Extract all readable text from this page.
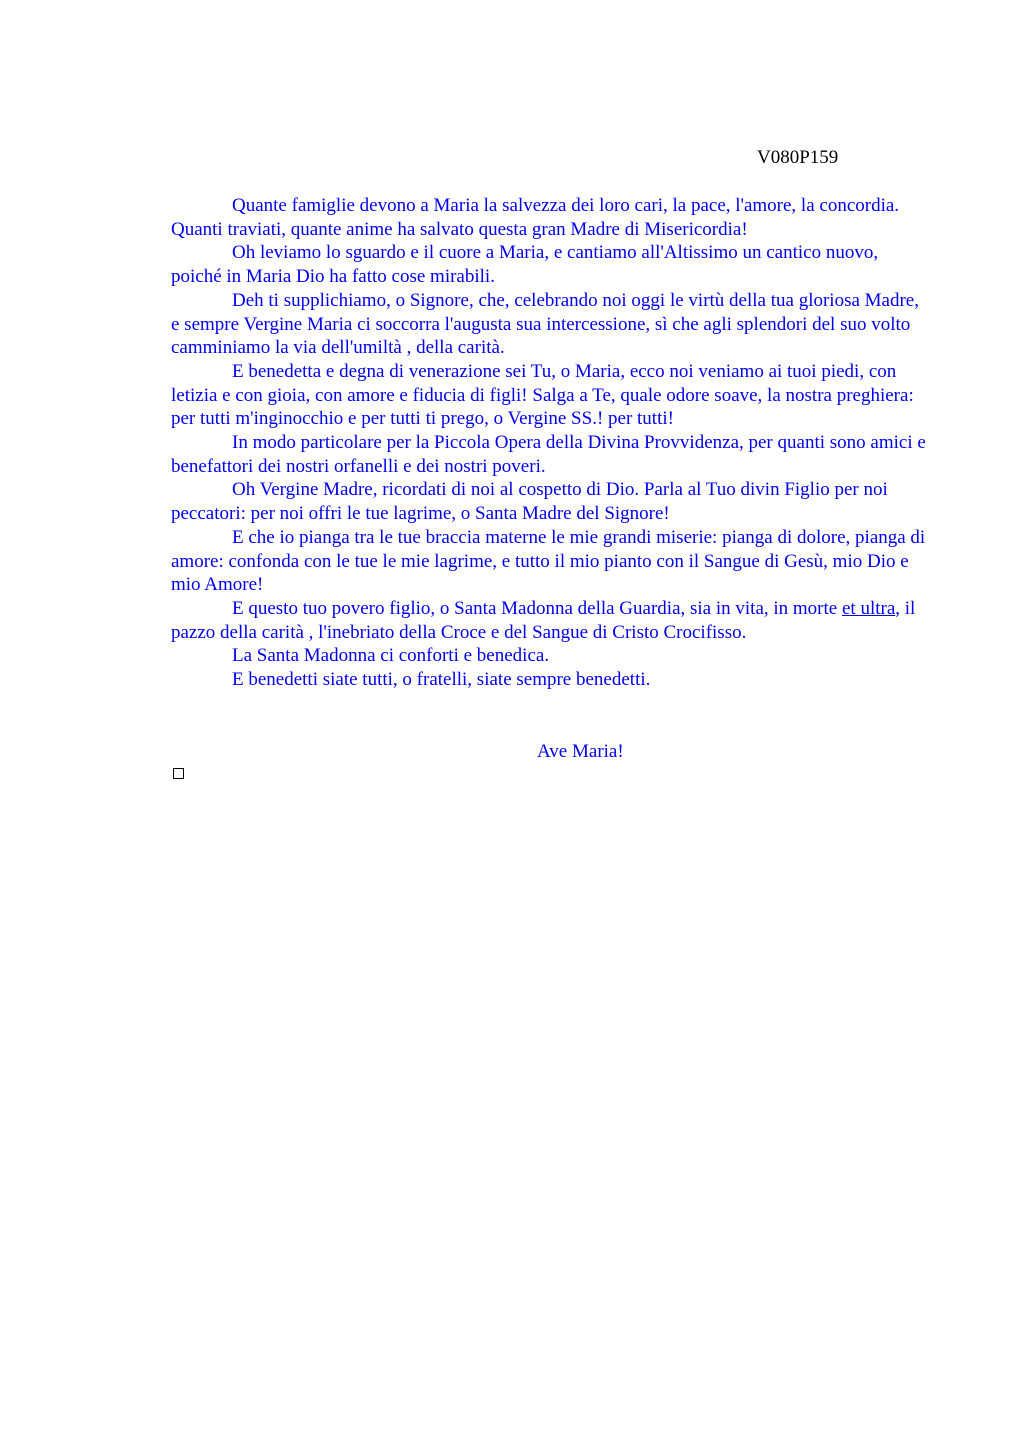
V080P159

Quante famiglie devono a Maria la salvezza dei loro cari, la pace, l'amore, la concordia. Quanti traviati, quante anime ha salvato questa gran Madre di Misericordia!

Oh leviamo lo sguardo e il cuore a Maria, e cantiamo all'Altissimo un cantico nuovo, poiché in Maria Dio ha fatto cose mirabili.

Deh ti supplichiamo, o Signore, che, celebrando noi oggi le virtù della tua gloriosa Madre, e sempre Vergine Maria ci soccorra l'augusta sua intercessione, sì che agli splendori del suo volto camminiamo la via dell'umiltà , della carità.

E benedetta e degna di venerazione sei Tu, o Maria, ecco noi veniamo ai tuoi piedi, con letizia e con gioia, con amore e fiducia di figli! Salga a Te, quale odore soave, la nostra preghiera: per tutti m'inginocchio e per tutti ti prego, o Vergine SS.! per tutti!

In modo particolare per la Piccola Opera della Divina Provvidenza, per quanti sono amici e benefattori dei nostri orfanelli e dei nostri poveri.

Oh Vergine Madre, ricordati di noi al cospetto di Dio. Parla al Tuo divin Figlio per noi peccatori: per noi offri le tue lagrime, o Santa Madre del Signore!

E che io pianga tra le tue braccia materne le mie grandi miserie: pianga di dolore, pianga di amore: confonda con le tue le mie lagrime, e tutto il mio pianto con il Sangue di Gesù, mio Dio e mio Amore!

E questo tuo povero figlio, o Santa Madonna della Guardia, sia in vita, in morte et ultra, il pazzo della carità , l'inebriato della Croce e del Sangue di Cristo Crocifisso.

La Santa Madonna ci conforti e benedica.

E benedetti siate tutti, o fratelli, siate sempre benedetti.

Ave Maria!
